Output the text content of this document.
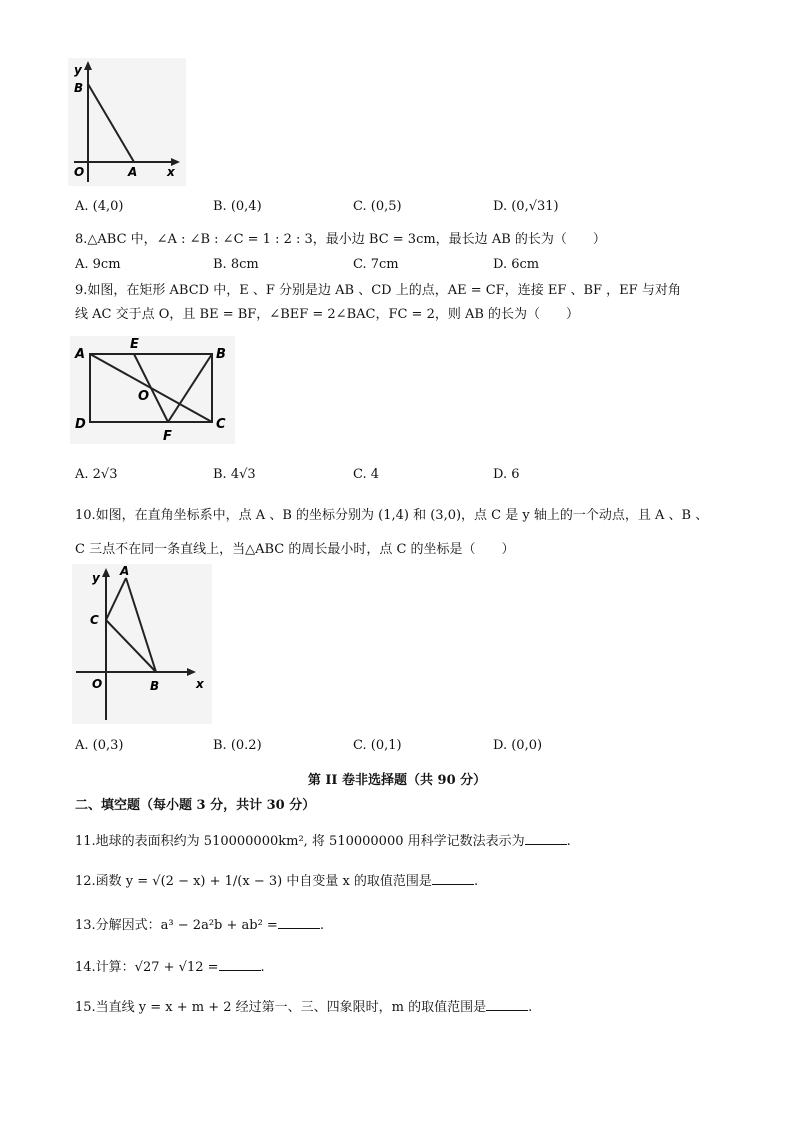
y
B
O	A x
A. (4,0)	B. (0,4)	C. (0,5)	D. (0,√31)
8.△ABC 中，∠A : ∠B : ∠C = 1 : 2 : 3，最小边 BC = 3cm，最长边 AB 的长为（　　）
A. 9cm	B. 8cm	C. 7cm	D. 6cm
9.如图，在矩形 ABCD 中，E 、F 分别是边 AB 、CD 上的点，AE = CF，连接 EF 、BF ，EF 与对角
线 AC 交于点 O，且 BE = BF，∠BEF = 2∠BAC，FC = 2，则 AB 的长为（　　）
A
E
B
O
D
F
C
A. 2√3	B. 4√3	C. 4	D. 6
10.如图，在直角坐标系中，点 A 、B 的坐标分别为 (1,4) 和 (3,0)，点 C 是 y 轴上的一个动点，且 A 、B 、
C 三点不在同一条直线上，当△ABC 的周长最小时，点 C 的坐标是（　　）
y A
C
O	B	x
A. (0,3)	B. (0.2)	C. (0,1)	D. (0,0)
第 II 卷非选择题（共 90 分）
二、填空题（每小题 3 分，共计 30 分）
11.地球的表面积约为 510000000km², 将 510000000 用科学记数法表示为	.
12.函数 y = √(2 − x) + 1/(x − 3) 中自变量 x 的取值范围是	.
13.分解因式：a³ − 2a²b + ab² =	.
14.计算：√27 + √12 =	.
15.当直线 y = x + m + 2 经过第一、三、四象限时，m 的取值范围是	.
